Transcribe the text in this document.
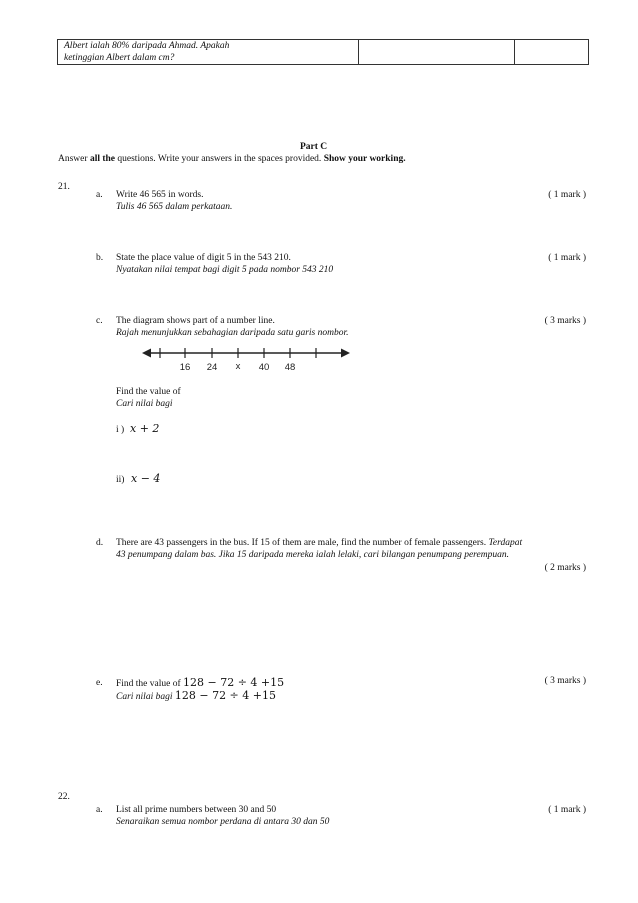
Albert ialah 80% daripada Ahmad. Apakah
ketinggian Albert dalam cm?

Part C
Answer all the questions. Write your answers in the spaces provided. Show your working.
21.
a. Write 46 565 in words.
Tulis 46 565 dalam perkataan.
( 1 mark )
b. State the place value of digit 5 in the 543 210.
Nyatakan nilai tempat bagi digit 5 pada nombor 543 210
( 1 mark )
c. The diagram shows part of a number line.
Rajah menunjukkan sebahagian daripada satu garis nombor.
( 3 marks )
16 24 x 40 48
Find the value of
Cari nilai bagi
i ) x + 2
ii) x − 4
d. There are 43 passengers in the bus. If 15 of them are male, find the number of female passengers. Terdapat
43 penumpang dalam bas. Jika 15 daripada mereka ialah lelaki, cari bilangan penumpang perempuan.
( 2 marks )
e. Find the value of 128 − 72 ÷ 4 +15
Cari nilai bagi 128 − 72 ÷ 4 +15
( 3 marks )
22.
a. List all prime numbers between 30 and 50
Senaraikan semua nombor perdana di antara 30 dan 50
( 1 mark )
